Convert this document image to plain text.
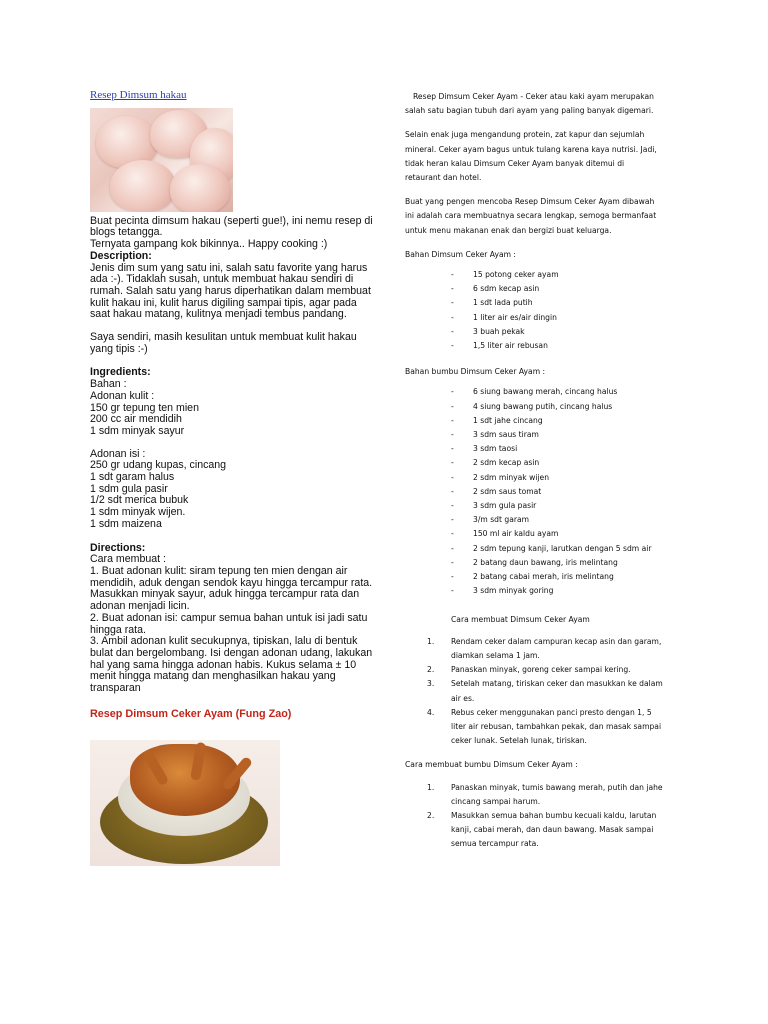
Resep Dimsum hakau
Buat pecinta dimsum hakau (seperti gue!), ini nemu resep di
blogs tetangga.
Ternyata gampang kok bikinnya.. Happy cooking :)
Description:
Jenis dim sum yang satu ini, salah satu favorite yang harus
ada :-). Tidaklah susah, untuk membuat hakau sendiri di
rumah. Salah satu yang harus diperhatikan dalam membuat
kulit hakau ini, kulit harus digiling sampai tipis, agar pada
saat hakau matang, kulitnya menjadi tembus pandang.
Saya sendiri, masih kesulitan untuk membuat kulit hakau
yang tipis :-)
Ingredients:
Bahan :
Adonan kulit :
150 gr tepung ten mien
200 cc air mendidih
1 sdm minyak sayur
Adonan isi :
250 gr udang kupas, cincang
1 sdt garam halus
1 sdm gula pasir
1/2 sdt merica bubuk
1 sdm minyak wijen.
1 sdm maizena
Directions:
Cara membuat :
1. Buat adonan kulit: siram tepung ten mien dengan air
mendidih, aduk dengan sendok kayu hingga tercampur rata.
Masukkan minyak sayur, aduk hingga tercampur rata dan
adonan menjadi licin.
2. Buat adonan isi: campur semua bahan untuk isi jadi satu
hingga rata.
3. Ambil adonan kulit secukupnya, tipiskan, lalu di bentuk
bulat dan bergelombang. Isi dengan adonan udang, lakukan
hal yang sama hingga adonan habis. Kukus selama ± 10
menit hingga matang dan menghasilkan hakau yang
transparan
Resep Dimsum Ceker Ayam (Fung Zao)
Resep Dimsum Ceker Ayam - Ceker atau kaki ayam merupakan
salah satu bagian tubuh dari ayam yang paling banyak digemari.
Selain enak juga mengandung protein, zat kapur dan sejumlah
mineral. Ceker ayam bagus untuk tulang karena kaya nutrisi. Jadi,
tidak heran kalau Dimsum Ceker Ayam banyak ditemui di
retaurant dan hotel.
Buat yang pengen mencoba Resep Dimsum Ceker Ayam dibawah
ini adalah cara membuatnya secara lengkap, semoga bermanfaat
untuk menu makanan enak dan bergizi buat keluarga.
Bahan Dimsum Ceker Ayam :
- 15 potong ceker ayam
- 6 sdm kecap asin
- 1 sdt lada putih
- 1 liter air es/air dingin
- 3 buah pekak
- 1,5 liter air rebusan
Bahan bumbu Dimsum Ceker Ayam :
- 6 siung bawang merah, cincang halus
- 4 siung bawang putih, cincang halus
- 1 sdt jahe cincang
- 3 sdm saus tiram
- 3 sdm taosi
- 2 sdm kecap asin
- 2 sdm minyak wijen
- 2 sdm saus tomat
- 3 sdm gula pasir
- 3/m sdt garam
- 150 ml air kaldu ayam
- 2 sdm tepung kanji, larutkan dengan 5 sdm air
- 2 batang daun bawang, iris melintang
- 2 batang cabai merah, iris melintang
- 3 sdm minyak goring
Cara membuat Dimsum Ceker Ayam
1. Rendam ceker dalam campuran kecap asin dan garam,
diamkan selama 1 jam.
2. Panaskan minyak, goreng ceker sampai kering.
3. Setelah matang, tiriskan ceker dan masukkan ke dalam
air es.
4. Rebus ceker menggunakan panci presto dengan 1, 5
liter air rebusan, tambahkan pekak, dan masak sampai
ceker lunak. Setelah lunak, tiriskan.
Cara membuat bumbu Dimsum Ceker Ayam :
1. Panaskan minyak, tumis bawang merah, putih dan jahe
cincang sampai harum.
2. Masukkan semua bahan bumbu kecuali kaldu, larutan
kanji, cabai merah, dan daun bawang. Masak sampai
semua tercampur rata.
